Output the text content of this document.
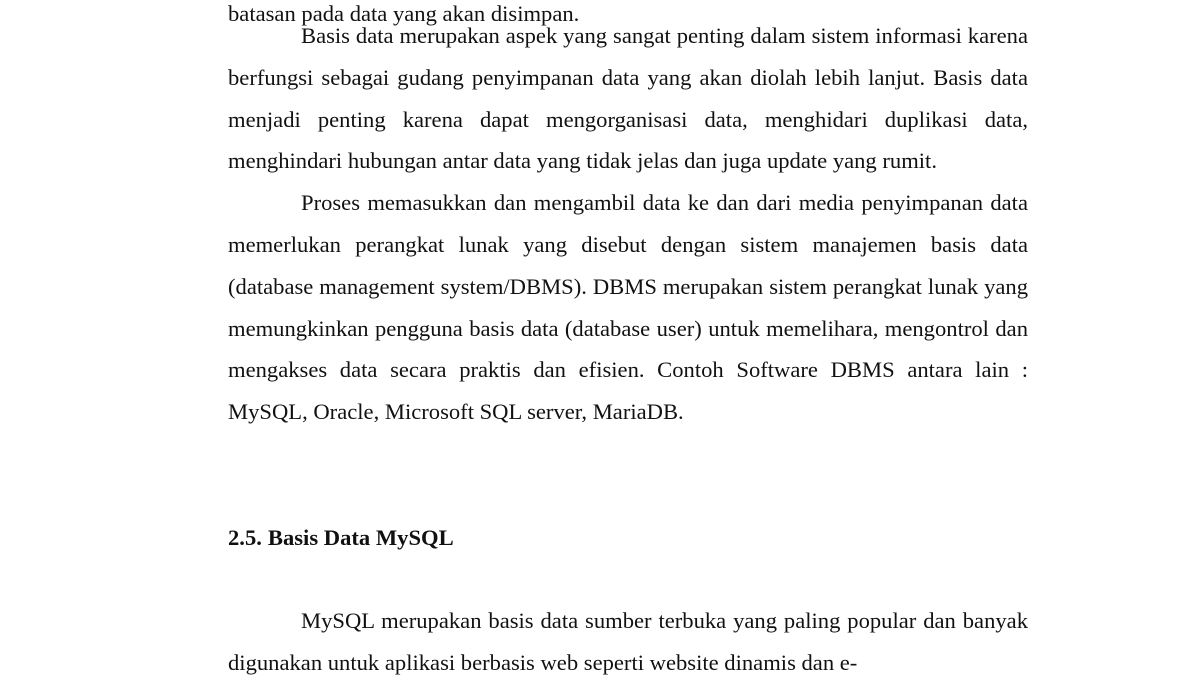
batasan pada data yang akan disimpan.

Basis data merupakan aspek yang sangat penting dalam sistem informasi karena berfungsi sebagai gudang penyimpanan data yang akan diolah lebih lanjut. Basis data menjadi penting karena dapat mengorganisasi data, menghidari duplikasi data, menghindari hubungan antar data yang tidak jelas dan juga update yang rumit.

Proses memasukkan dan mengambil data ke dan dari media penyimpanan data memerlukan perangkat lunak yang disebut dengan sistem manajemen basis data (database management system/DBMS). DBMS merupakan sistem perangkat lunak yang memungkinkan pengguna basis data (database user) untuk memelihara, mengontrol dan mengakses data secara praktis dan efisien. Contoh Software DBMS antara lain : MySQL, Oracle, Microsoft SQL server, MariaDB.

2.5. Basis Data MySQL

MySQL merupakan basis data sumber terbuka yang paling popular dan banyak digunakan untuk aplikasi berbasis web seperti website dinamis dan e-
